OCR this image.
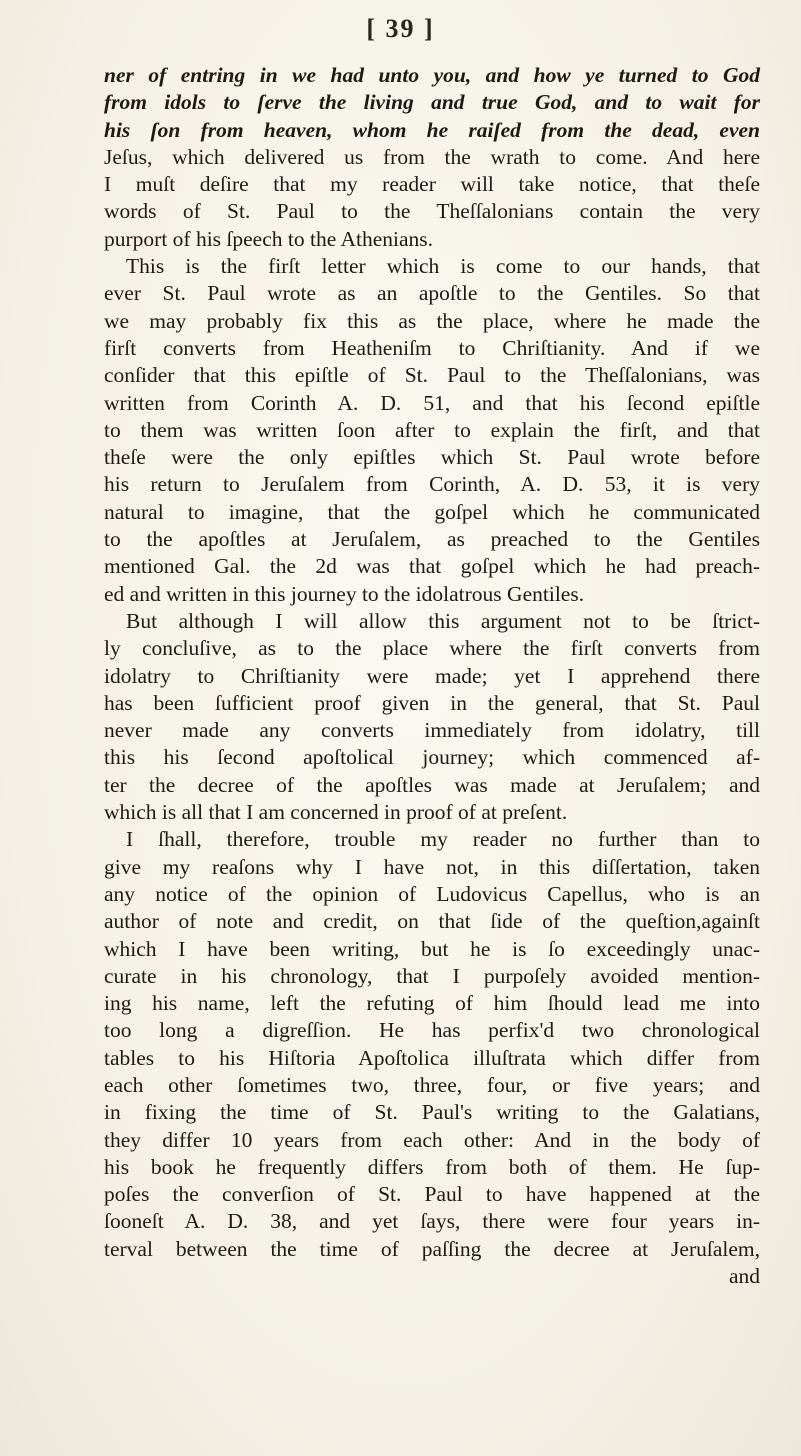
[ 39 ]
ner of entring in we had unto you, and how ye turned to God
from idols to ſerve the living and true God, and to wait for
his ſon from heaven, whom he raiſed from the dead, even
Jeſus, which delivered us from the wrath to come. And here
I muſt deſire that my reader will take notice, that theſe
words of St. Paul to the Theſſalonians contain the very
purport of his ſpeech to the Athenians.
This is the firſt letter which is come to our hands, that
ever St. Paul wrote as an apoſtle to the Gentiles. So that
we may probably fix this as the place, where he made the
firſt converts from Heatheniſm to Chriſtianity. And if we
conſider that this epiſtle of St. Paul to the Theſſalonians, was
written from Corinth A. D. 51, and that his ſecond epiſtle
to them was written ſoon after to explain the firſt, and that
theſe were the only epiſtles which St. Paul wrote before
his return to Jeruſalem from Corinth, A. D. 53, it is very
natural to imagine, that the goſpel which he communicated
to the apoſtles at Jeruſalem, as preached to the Gentiles
mentioned Gal. the 2d was that goſpel which he had preach-
ed and written in this journey to the idolatrous Gentiles.
But although I will allow this argument not to be ſtrict-
ly concluſive, as to the place where the firſt converts from
idolatry to Chriſtianity were made; yet I apprehend there
has been ſufficient proof given in the general, that St. Paul
never made any converts immediately from idolatry, till
this his ſecond apoſtolical journey; which commenced af-
ter the decree of the apoſtles was made at Jeruſalem; and
which is all that I am concerned in proof of at preſent.
I ſhall, therefore, trouble my reader no further than to
give my reaſons why I have not, in this diſſertation, taken
any notice of the opinion of Ludovicus Capellus, who is an
author of note and credit, on that ſide of the queſtion,againſt
which I have been writing, but he is ſo exceedingly unac-
curate in his chronology, that I purpoſely avoided mention-
ing his name, left the refuting of him ſhould lead me into
too long a digreſſion. He has perfix'd two chronological
tables to his Hiſtoria Apoſtolica illuſtrata which differ from
each other ſometimes two, three, four, or five years; and
in fixing the time of St. Paul's writing to the Galatians,
they differ 10 years from each other: And in the body of
his book he frequently differs from both of them. He ſup-
poſes the converſion of St. Paul to have happened at the
ſooneſt A. D. 38, and yet ſays, there were four years in-
terval between the time of paſſing the decree at Jeruſalem,
and
